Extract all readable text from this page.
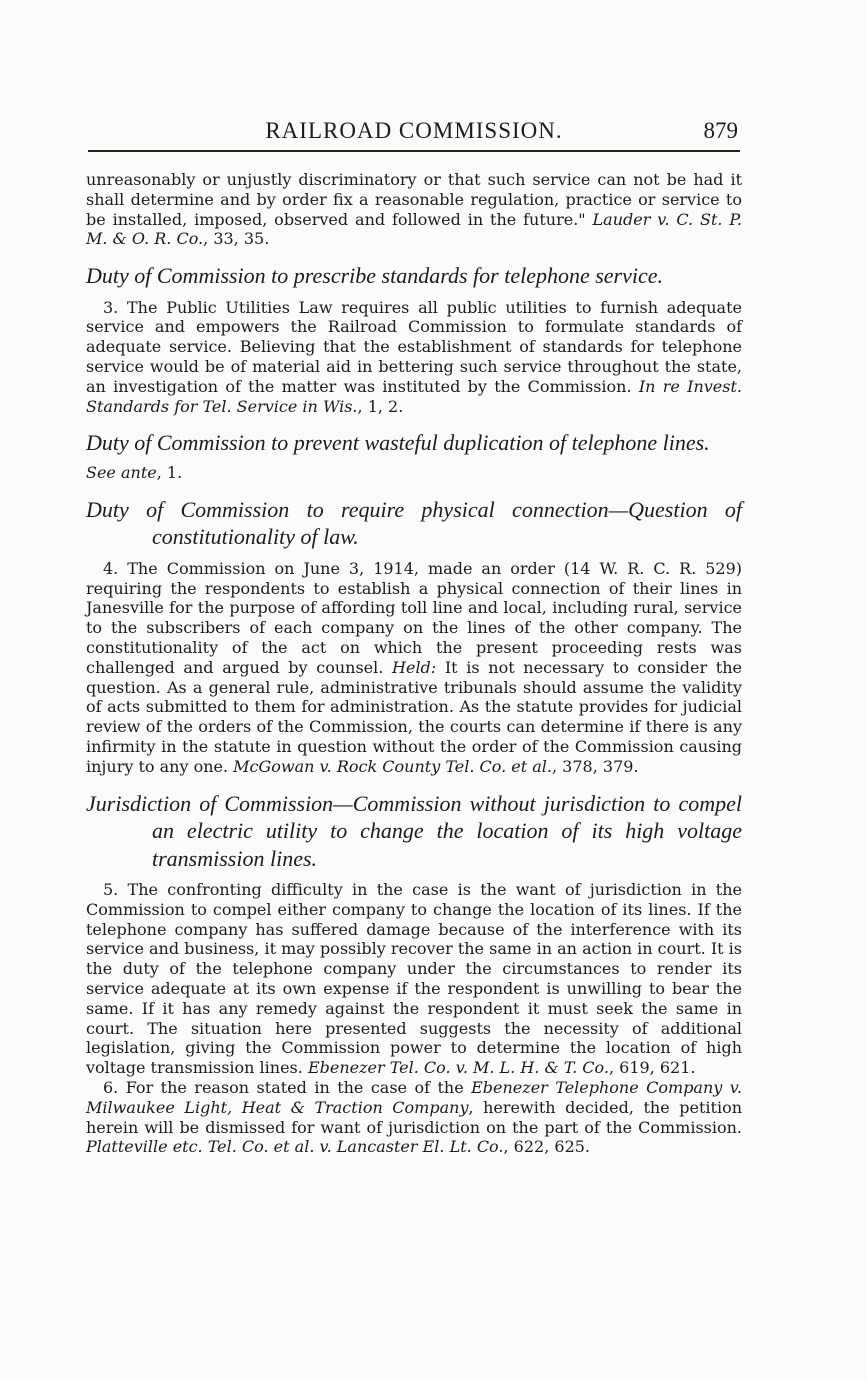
RAILROAD COMMISSION.	879

unreasonably or unjustly discriminatory or that such service can not be had it shall determine and by order fix a reasonable regulation, practice or service to be installed, imposed, observed and followed in the future." Lauder v. C. St. P. M. & O. R. Co., 33, 35.

Duty of Commission to prescribe standards for telephone service.

3. The Public Utilities Law requires all public utilities to furnish adequate service and empowers the Railroad Commission to formulate standards of adequate service. Believing that the establishment of standards for telephone service would be of material aid in bettering such service throughout the state, an investigation of the matter was instituted by the Commission. In re Invest. Standards for Tel. Service in Wis., 1, 2.

Duty of Commission to prevent wasteful duplication of telephone lines.

See ante, 1.

Duty of Commission to require physical connection—Question of constitutionality of law.

4. The Commission on June 3, 1914, made an order (14 W. R. C. R. 529) requiring the respondents to establish a physical connection of their lines in Janesville for the purpose of affording toll line and local, including rural, service to the subscribers of each company on the lines of the other company. The constitutionality of the act on which the present proceeding rests was challenged and argued by counsel. Held: It is not necessary to consider the question. As a general rule, administrative tribunals should assume the validity of acts submitted to them for administration. As the statute provides for judicial review of the orders of the Commission, the courts can determine if there is any infirmity in the statute in question without the order of the Commission causing injury to any one. McGowan v. Rock County Tel. Co. et al., 378, 379.

Jurisdiction of Commission—Commission without jurisdiction to compel an electric utility to change the location of its high voltage transmission lines.

5. The confronting difficulty in the case is the want of jurisdiction in the Commission to compel either company to change the location of its lines. If the telephone company has suffered damage because of the interference with its service and business, it may possibly recover the same in an action in court. It is the duty of the telephone company under the circumstances to render its service adequate at its own expense if the respondent is unwilling to bear the same. If it has any remedy against the respondent it must seek the same in court. The situation here presented suggests the necessity of additional legislation, giving the Commission power to determine the location of high voltage transmission lines. Ebenezer Tel. Co. v. M. L. H. & T. Co., 619, 621.

6. For the reason stated in the case of the Ebenezer Telephone Company v. Milwaukee Light, Heat & Traction Company, herewith decided, the petition herein will be dismissed for want of jurisdiction on the part of the Commission. Platteville etc. Tel. Co. et al. v. Lancaster El. Lt. Co., 622, 625.
